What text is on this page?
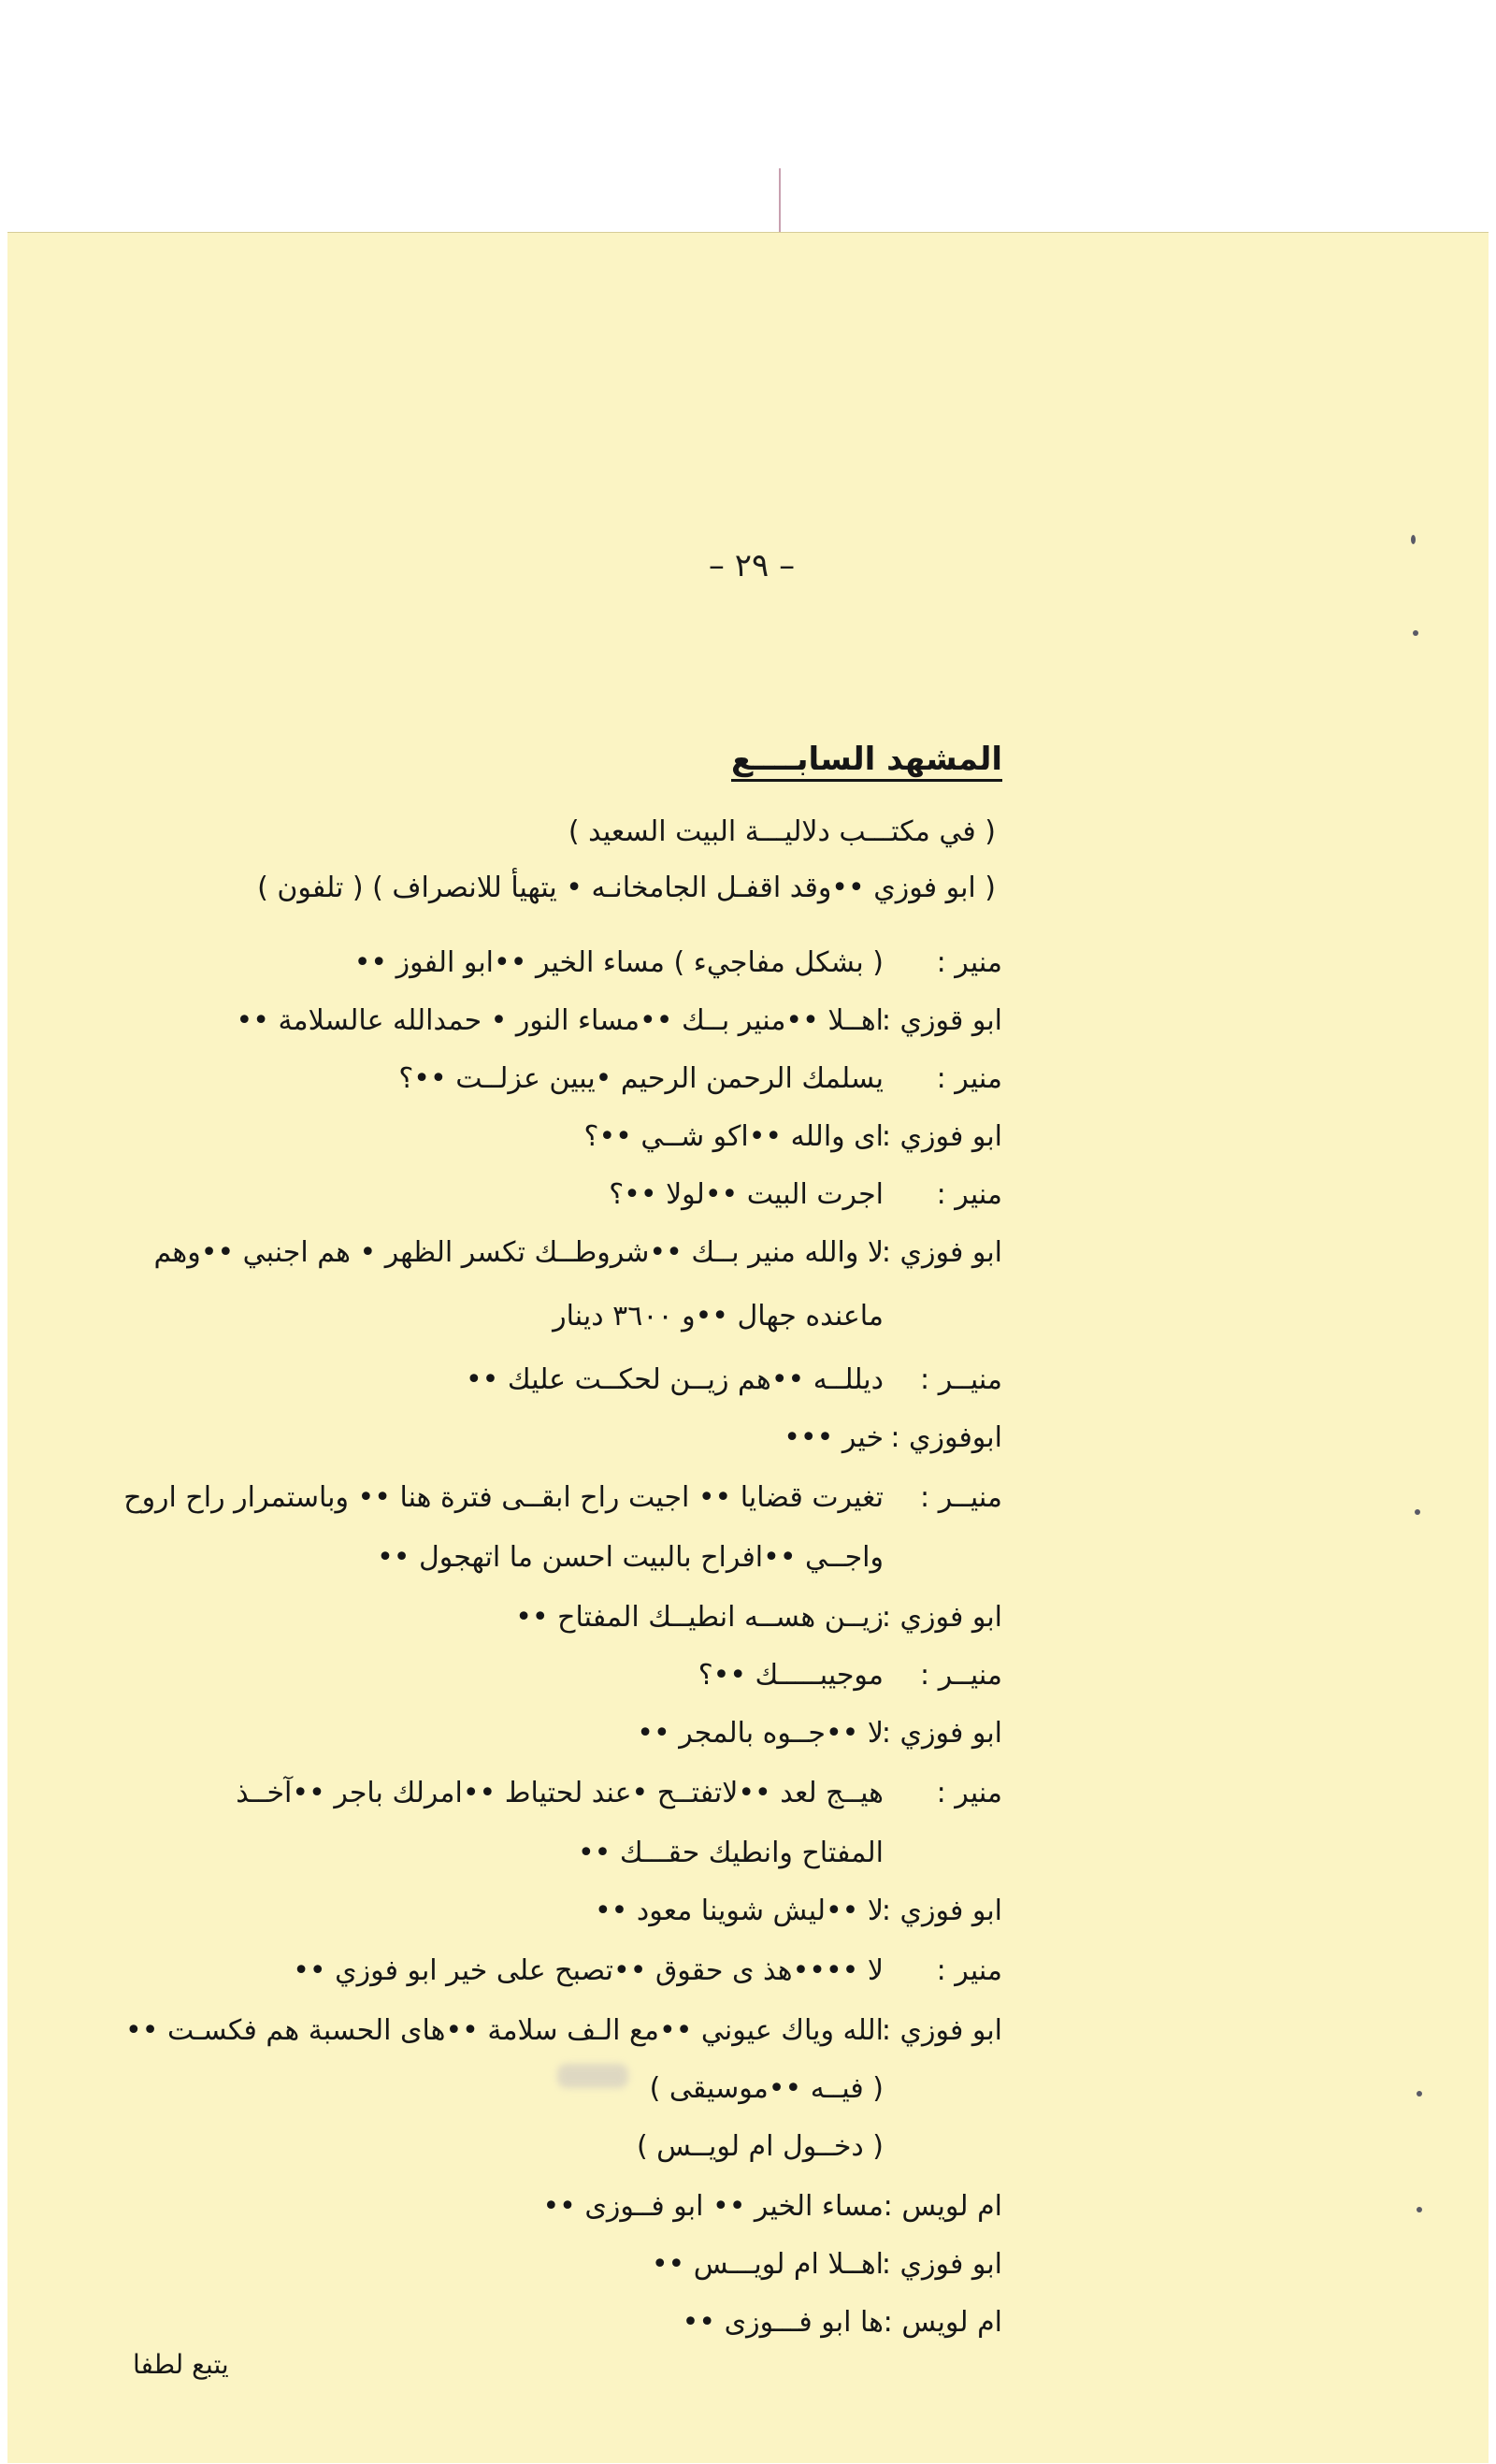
– ٢٩ –
المشهد السابــــع
( في مكتـــب دلاليـــة البيت السعيد )
( ابو فوزي ••وقد اقفـل الجامخانـه • يتهيأ للانصراف ) ( تلفون )
منير :
( بشكل مفاجيء ) مساء الخير ••ابو الفوز ••
ابو قوزي :
اهــلا ••منير بــك ••مساء النور • حمدالله عالسلامة ••
منير :
يسلمك الرحمن الرحيم •يبين عزلــت ••؟
ابو فوزي :
اى والله ••اكو شــي ••؟
منير :
اجرت البيت ••لولا ••؟
ابو فوزي :
لا والله منير بــك ••شروطــك تكسر الظهر • هم اجنبي ••وهم
ماعنده جهال ••و ٣٦٠٠ دينار
منيــر :
ديللــه ••هم زيــن لحكــت عليك ••
ابوفوزي :
خير •••
منيــر :
تغيرت قضايا •• اجيت راح ابقــى فترة هنا •• وباستمرار راح اروح
واجــي ••افراح بالبيت احسن ما اتهجول ••
ابو فوزي :
زيــن هســه انطيــك المفتاح ••
منيــر :
موجيبـــــك ••؟
ابو فوزي :
لا ••جــوه بالمجر ••
منير :
هيــج لعد ••لاتفتــح •عند لحتياط ••امرلك باجر ••آخــذ
المفتاح وانطيك حقـــك ••
ابو فوزي :
لا ••ليش شوينا معود ••
منير :
لا ••••هذ ى حقوق ••تصبح على خير ابو فوزي ••
ابو فوزي :
الله وياك عيوني ••مع الـف سلامة ••هاى الحسبة هم فكسـت ••
( فيــه ••موسيقى )
( دخــول ام لويــس )
ام لويس :
مساء الخير •• ابو فــوزى ••
ابو فوزي :
اهــلا ام لويـــس ••
ام لويس :
ها ابو فـــوزى ••
يتبع لطفا
